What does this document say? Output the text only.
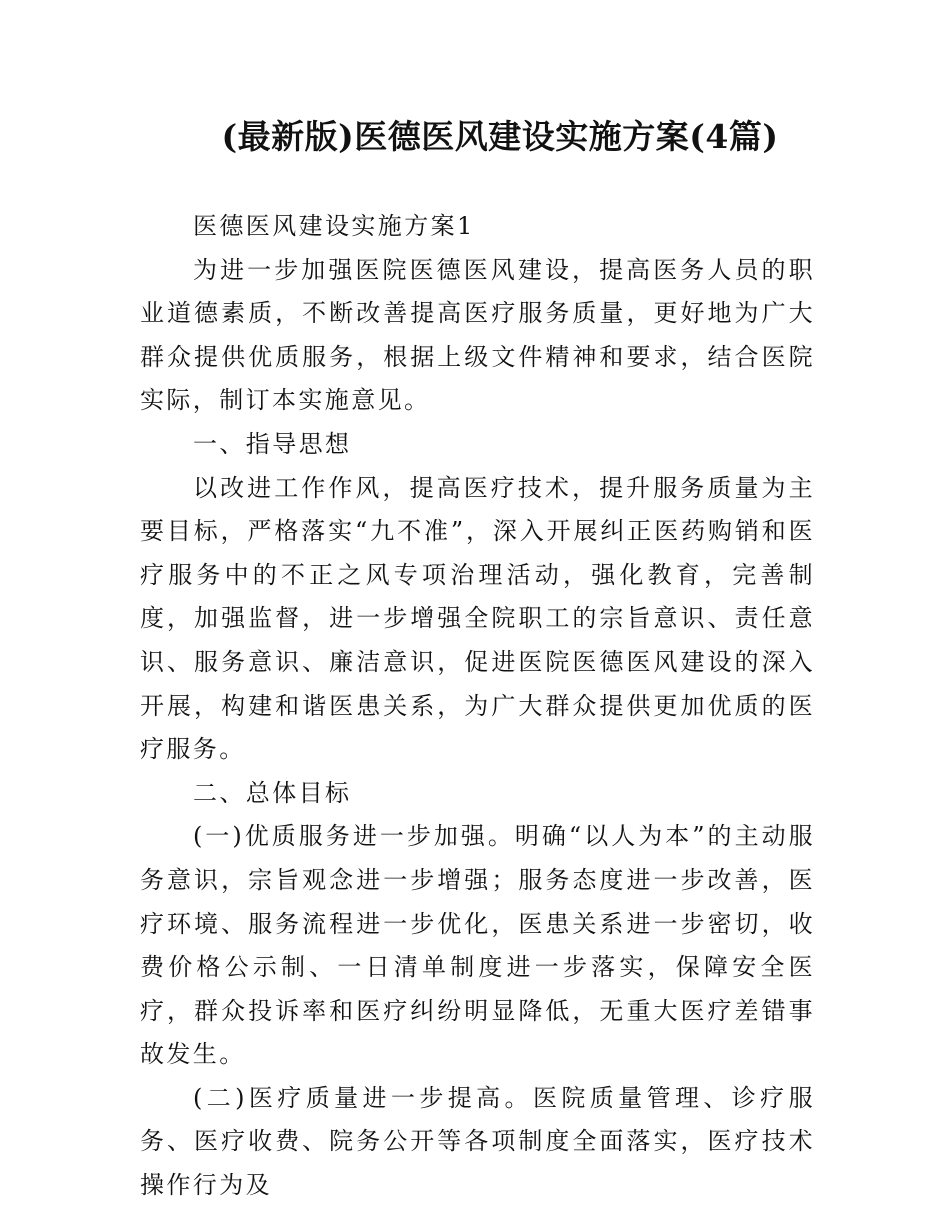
(最新版)医德医风建设实施方案(4篇)

医德医风建设实施方案1

为进一步加强医院医德医风建设，提高医务人员的职业道德素质，不断改善提高医疗服务质量，更好地为广大群众提供优质服务，根据上级文件精神和要求，结合医院实际，制订本实施意见。

一、指导思想

以改进工作作风，提高医疗技术，提升服务质量为主要目标，严格落实“九不准”，深入开展纠正医药购销和医疗服务中的不正之风专项治理活动，强化教育，完善制度，加强监督，进一步增强全院职工的宗旨意识、责任意识、服务意识、廉洁意识，促进医院医德医风建设的深入开展，构建和谐医患关系，为广大群众提供更加优质的医疗服务。

二、总体目标

(一)优质服务进一步加强。明确“以人为本”的主动服务意识，宗旨观念进一步增强；服务态度进一步改善，医疗环境、服务流程进一步优化，医患关系进一步密切，收费价格公示制、一日清单制度进一步落实，保障安全医疗，群众投诉率和医疗纠纷明显降低，无重大医疗差错事故发生。

(二)医疗质量进一步提高。医院质量管理、诊疗服务、医疗收费、院务公开等各项制度全面落实，医疗技术操作行为及
